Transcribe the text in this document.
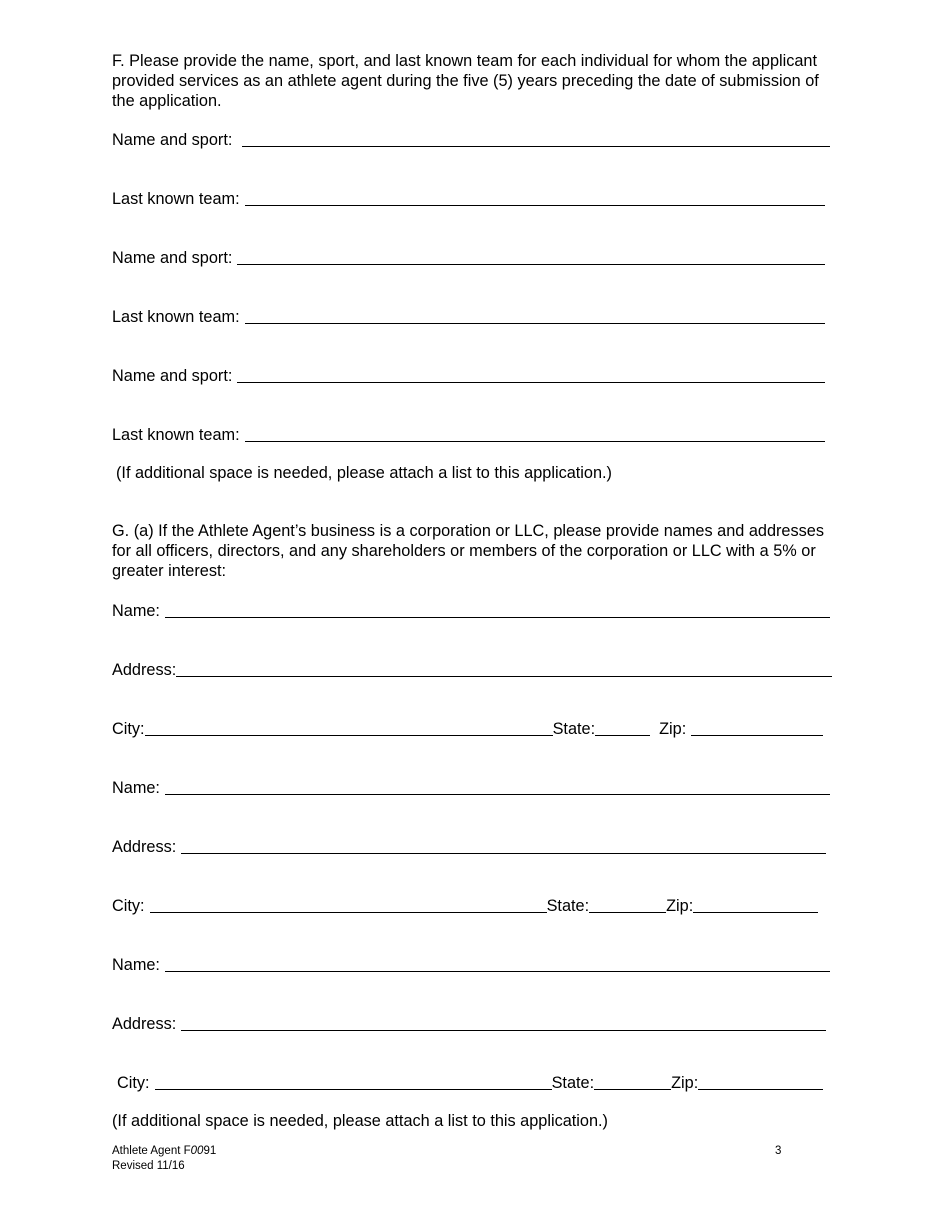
F. Please provide the name, sport, and last known team for each individual for whom the applicant provided services as an athlete agent during the five (5) years preceding the date of submission of the application.

Name and sport:
Last known team:
Name and sport:
Last known team:
Name and sport:
Last known team:

(If additional space is needed, please attach a list to this application.)

G. (a) If the Athlete Agent’s business is a corporation or LLC, please provide names and addresses for all officers, directors, and any shareholders or members of the corporation or LLC with a 5% or greater interest:

Name:
Address:
City:	State:	Zip:
Name:
Address:
City:	State:	Zip:
Name:
Address:
City:	State:	Zip:

(If additional space is needed, please attach a list to this application.)

Athlete Agent F0091
Revised 11/16
3
